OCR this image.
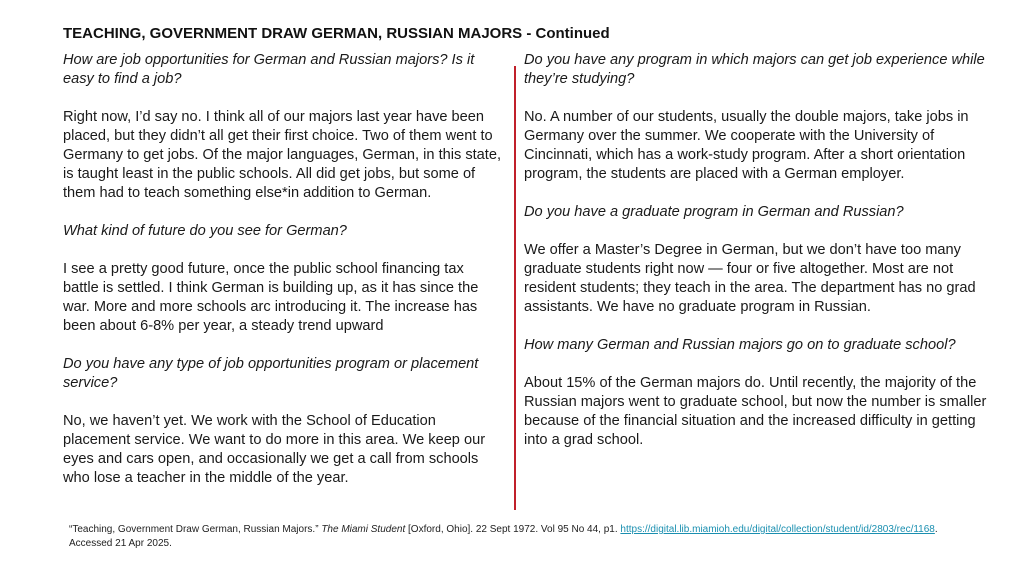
TEACHING, GOVERNMENT DRAW GERMAN, RUSSIAN MAJORS - Continued

How are job opportunities for German and Russian majors? Is it easy to find a job?

Right now, I’d say no. I think all of our majors last year have been placed, but they didn’t all get their first choice. Two of them went to Germany to get jobs. Of the major languages, German, in this state, is taught least in the public schools. All did get jobs, but some of them had to teach something else*in addition to German.

What kind of future do you see for German?

I see a pretty good future, once the public school financing tax battle is settled. I think German is building up, as it has since the war. More and more schools arc introducing it. The increase has been about 6-8% per year, a steady trend upward

Do you have any type of job opportunities program or placement service?

No, we haven’t yet. We work with the School of Education placement service. We want to do more in this area. We keep our eyes and cars open, and occasionally we get a call from schools who lose a teacher in the middle of the year.

Do you have any program in which majors can get job experience while they’re studying?

No. A number of our students, usually the double majors, take jobs in Germany over the summer. We cooperate with the University of Cincinnati, which has a work-study program. After a short orientation program, the students are placed with a German employer.

Do you have a graduate program in German and Russian?

We offer a Master’s Degree in German, but we don’t have too many graduate students right now — four or five altogether. Most are not resident students; they teach in the area. The department has no grad assistants. We have no graduate program in Russian.

How many German and Russian majors go on to graduate school?

About 15% of the German majors do. Until recently, the majority of the Russian majors went to graduate school, but now the number is smaller because of the financial situation and the increased difficulty in getting into a grad school.

“Teaching, Government Draw German, Russian Majors.” The Miami Student [Oxford, Ohio]. 22 Sept 1972. Vol 95 No 44, p1. https://digital.lib.miamioh.edu/digital/collection/student/id/2803/rec/1168. Accessed 21 Apr 2025.
